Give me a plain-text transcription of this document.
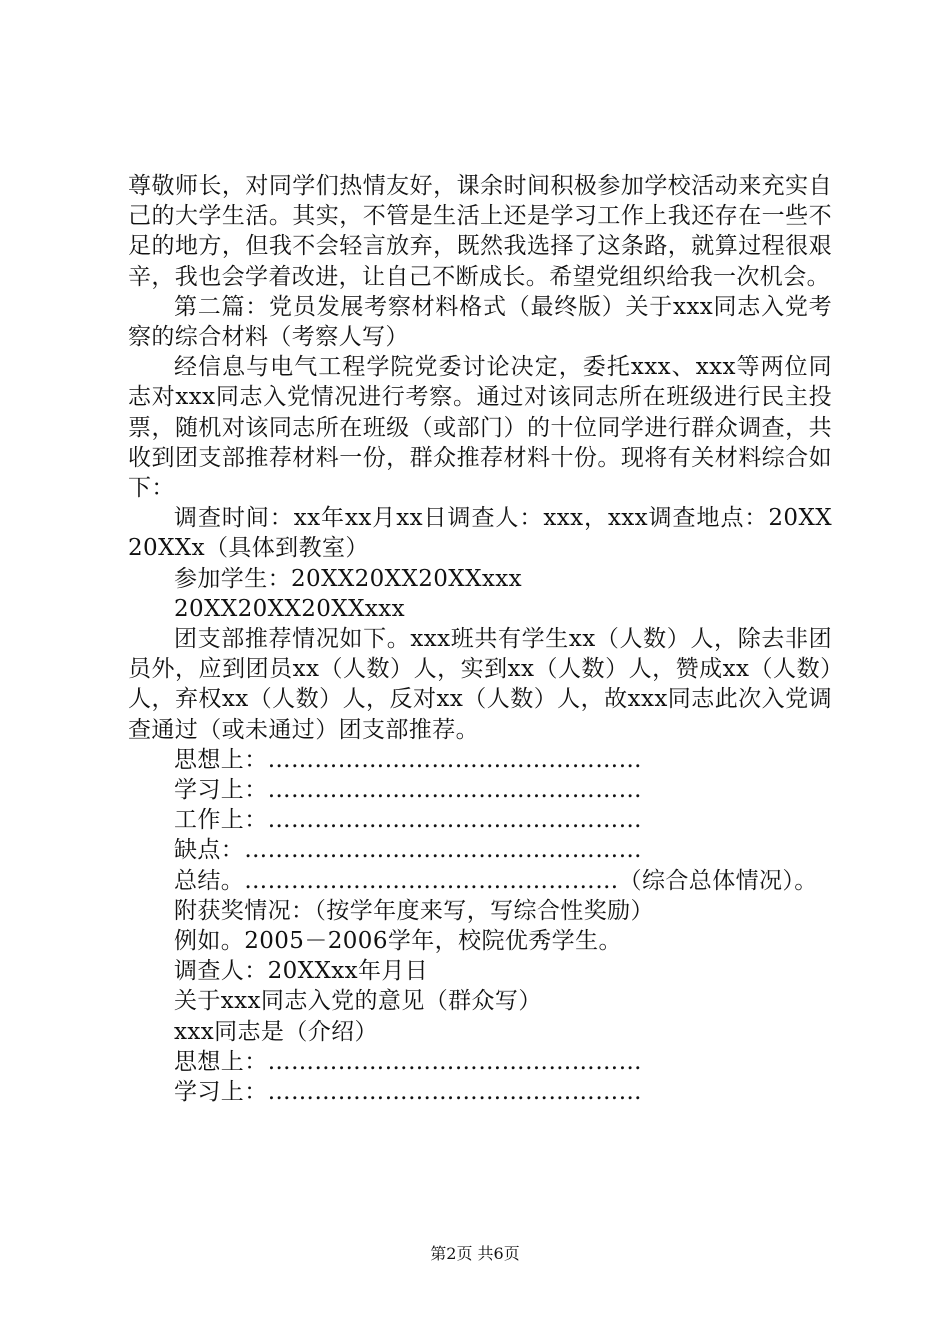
尊敬师长，对同学们热情友好，课余时间积极参加学校活动来充实自己的大学生活。其实，不管是生活上还是学习工作上我还存在一些不足的地方，但我不会轻言放弃，既然我选择了这条路，就算过程很艰辛，我也会学着改进，让自己不断成长。希望党组织给我一次机会。

第二篇：党员发展考察材料格式（最终版）关于xxx同志入党考察的综合材料（考察人写）

经信息与电气工程学院党委讨论决定，委托xxx、xxx等两位同志对xxx同志入党情况进行考察。通过对该同志所在班级进行民主投票，随机对该同志所在班级（或部门）的十位同学进行群众调查，共收到团支部推荐材料一份，群众推荐材料十份。现将有关材料综合如下：

调查时间：xx年xx月xx日调查人：xxx，xxx调查地点：20XX20XXx（具体到教室）

参加学生：20XX20XX20XXxxx

20XX20XX20XXxxx

团支部推荐情况如下。xxx班共有学生xx（人数）人，除去非团员外，应到团员xx（人数）人，实到xx（人数）人，赞成xx（人数）人，弃权xx（人数）人，反对xx（人数）人，故xxx同志此次入党调查通过（或未通过）团支部推荐。

思想上：…………………………………………

学习上：…………………………………………

工作上：…………………………………………

缺点：……………………………………………

总结。…………………………………………（综合总体情况）。

附获奖情况：（按学年度来写，写综合性奖励）

例如。2005－2006学年，校院优秀学生。

调查人：20XXxx年月日

关于xxx同志入党的意见（群众写）

xxx同志是（介绍）

思想上：…………………………………………

学习上：…………………………………………

第2页 共6页
